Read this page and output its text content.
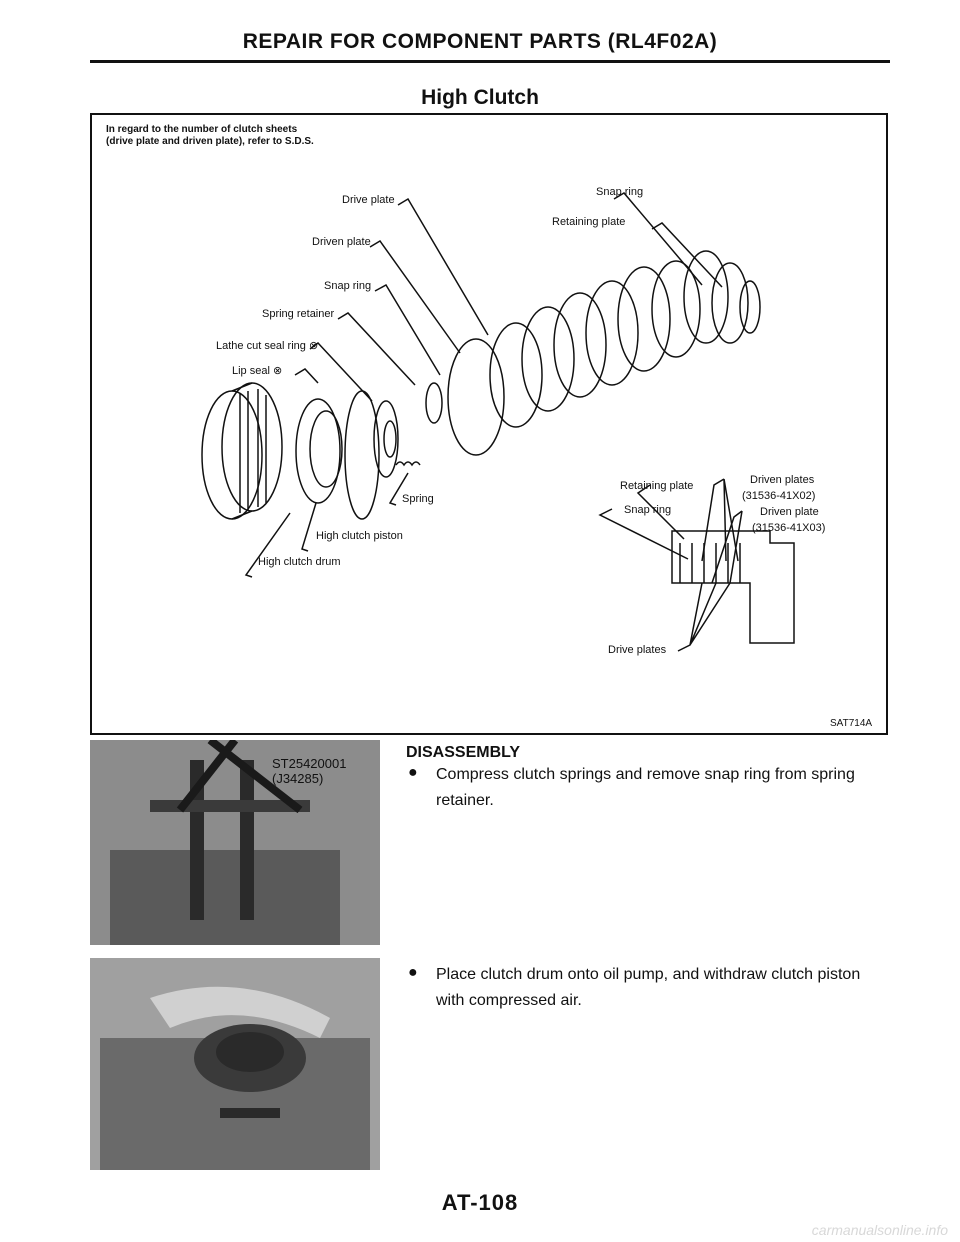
REPAIR FOR COMPONENT PARTS (RL4F02A)
High Clutch
In regard to the number of clutch sheets
(drive plate and driven plate), refer to S.D.S.
Drive plate
Driven plate
Snap ring
Spring retainer
Lathe cut seal ring ⊗
Lip seal ⊗
Snap ring
Retaining plate
Spring
High clutch piston
High clutch drum
Retaining plate
Snap ring
Driven plates
(31536-41X02)
Driven plate
(31536-41X03)
Drive plates
SAT714A
ST25420001
(J34285)
DISASSEMBLY
● Compress clutch springs and remove snap ring from spring
retainer.
● Place clutch drum onto oil pump, and withdraw clutch piston
with compressed air.
AT-108
carmanualsonline.info
